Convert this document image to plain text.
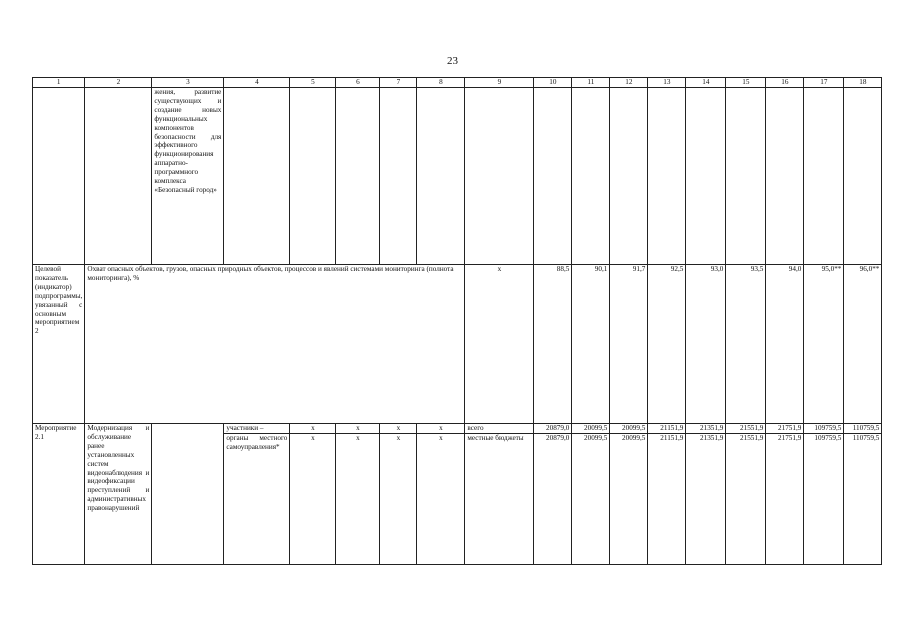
23
1	2	3	4	5	6	7	8	9	10	11	12	13	14	15	16	17	18
		жения, развитие существующих и создание новых функциональных компонентов безопасности для эффективного функционирования аппаратно-программного комплекса «Безопасный город»															
Целевой показатель (индикатор) подпрограммы, увязанный с основным мероприятием 2	Охват опасных объектов, грузов, опасных природных объектов, процессов и явлений системами мониторинга (полнота мониторинга), %							х	88,5	90,1	91,7	92,5	93,0	93,5	94,0	95,0**	96,0**
Мероприятие 2.1	Модернизация и обслуживание ранее установленных систем видеонаблюдения и видеофиксации преступлений и административных правонарушений		участники –	х	х	х	х	всего	20879,0	20099,5	20099,5	21151,9	21351,9	21551,9	21751,9	109759,5	110759,5
			органы местного самоуправления*	х	х	х	х	местные бюджеты	20879,0	20099,5	20099,5	21151,9	21351,9	21551,9	21751,9	109759,5	110759,5
